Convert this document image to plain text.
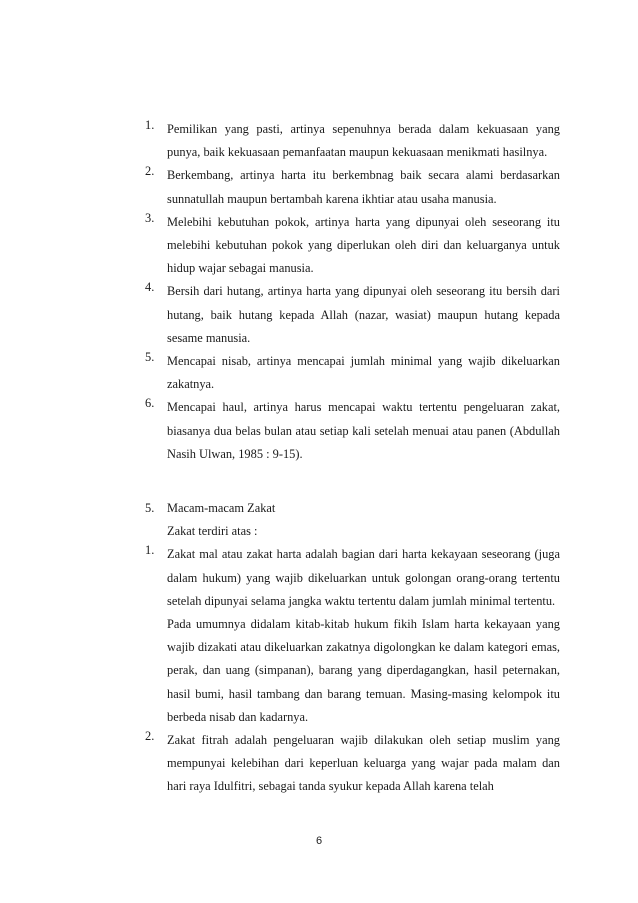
1.	Pemilikan yang pasti, artinya sepenuhnya berada dalam kekuasaan yang punya, baik kekuasaan pemanfaatan maupun kekuasaan menikmati hasilnya.

2.	Berkembang, artinya harta itu berkembnag baik secara alami berdasarkan sunnatullah maupun bertambah karena ikhtiar atau usaha manusia.

3.	Melebihi kebutuhan pokok, artinya harta yang dipunyai oleh seseorang itu melebihi kebutuhan pokok yang diperlukan oleh diri dan keluarganya untuk hidup wajar sebagai manusia.

4.	Bersih dari hutang, artinya harta yang dipunyai oleh seseorang itu bersih dari hutang, baik hutang kepada Allah (nazar, wasiat) maupun hutang kepada sesame manusia.

5.	Mencapai nisab, artinya mencapai jumlah minimal yang wajib dikeluarkan zakatnya.

6.	Mencapai haul, artinya harus mencapai waktu tertentu pengeluaran zakat, biasanya dua belas bulan atau setiap kali setelah menuai atau panen (Abdullah Nasih Ulwan, 1985 : 9-15).

5.	Macam-macam Zakat

Zakat terdiri atas :

1.	Zakat mal atau zakat harta adalah bagian dari harta kekayaan seseorang (juga dalam hukum) yang wajib dikeluarkan untuk golongan orang-orang tertentu setelah dipunyai selama jangka waktu tertentu dalam jumlah minimal tertentu.

Pada umumnya didalam kitab-kitab hukum fikih Islam harta kekayaan yang wajib dizakati atau dikeluarkan zakatnya digolongkan ke dalam kategori emas, perak, dan uang (simpanan), barang yang diperdagangkan, hasil peternakan, hasil bumi, hasil tambang dan barang temuan. Masing-masing kelompok itu berbeda nisab dan kadarnya.

2.	Zakat fitrah adalah pengeluaran wajib dilakukan oleh setiap muslim yang mempunyai kelebihan dari keperluan keluarga yang wajar pada malam dan hari raya Idulfitri, sebagai tanda syukur kepada Allah karena telah

6
